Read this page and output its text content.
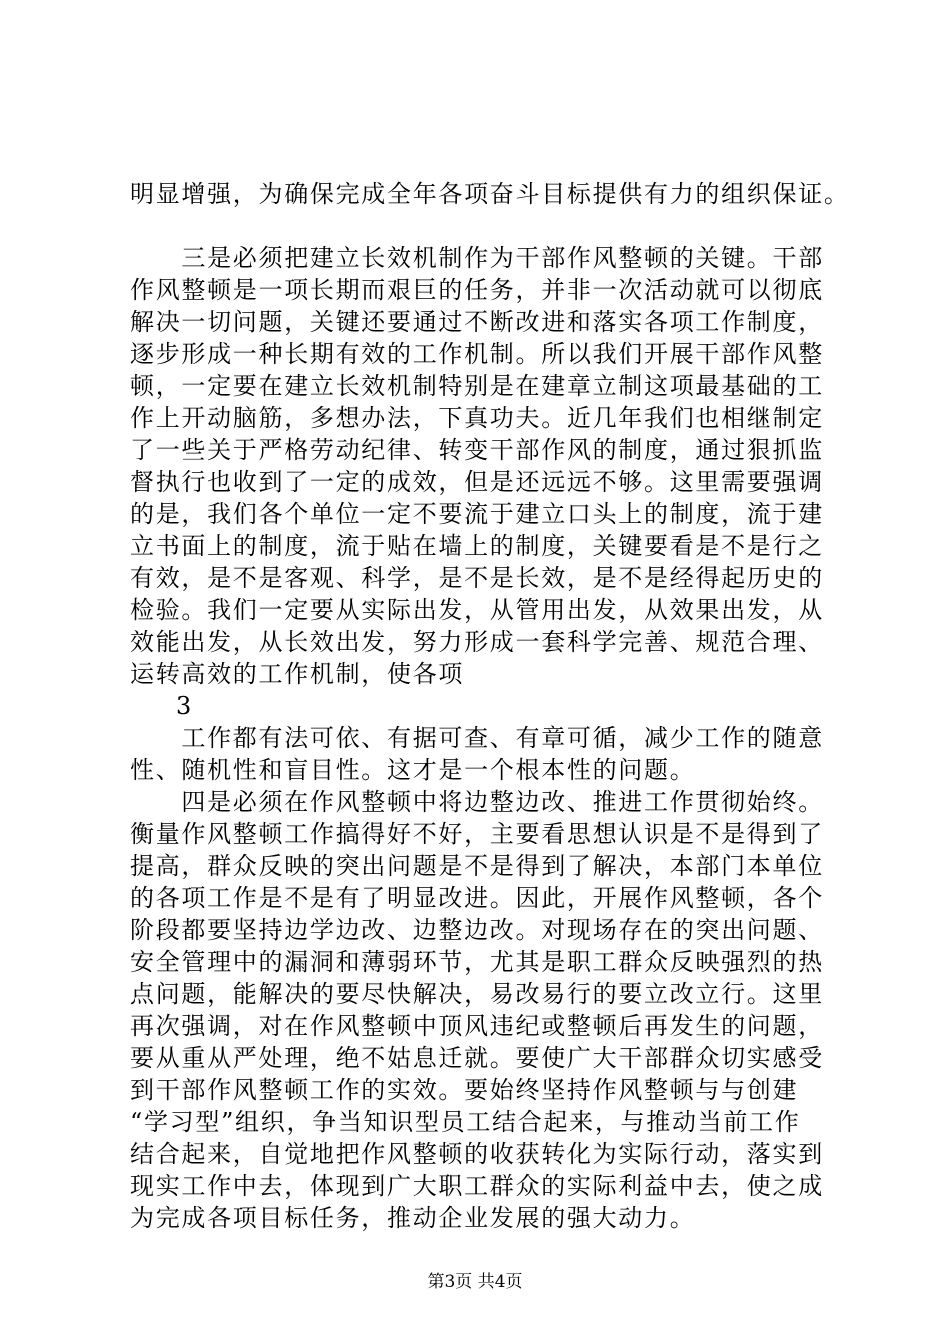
明显增强，为确保完成全年各项奋斗目标提供有力的组织保证。
　　三是必须把建立长效机制作为干部作风整顿的关键。干部
作风整顿是一项长期而艰巨的任务，并非一次活动就可以彻底
解决一切问题，关键还要通过不断改进和落实各项工作制度，
逐步形成一种长期有效的工作机制。所以我们开展干部作风整
顿，一定要在建立长效机制特别是在建章立制这项最基础的工
作上开动脑筋，多想办法，下真功夫。近几年我们也相继制定
了一些关于严格劳动纪律、转变干部作风的制度，通过狠抓监
督执行也收到了一定的成效，但是还远远不够。这里需要强调
的是，我们各个单位一定不要流于建立口头上的制度，流于建
立书面上的制度，流于贴在墙上的制度，关键要看是不是行之
有效，是不是客观、科学，是不是长效，是不是经得起历史的
检验。我们一定要从实际出发，从管用出发，从效果出发，从
效能出发，从长效出发，努力形成一套科学完善、规范合理、
运转高效的工作机制，使各项
3
　　工作都有法可依、有据可查、有章可循，减少工作的随意
性、随机性和盲目性。这才是一个根本性的问题。
　　四是必须在作风整顿中将边整边改、推进工作贯彻始终。
衡量作风整顿工作搞得好不好，主要看思想认识是不是得到了
提高，群众反映的突出问题是不是得到了解决，本部门本单位
的各项工作是不是有了明显改进。因此，开展作风整顿，各个
阶段都要坚持边学边改、边整边改。对现场存在的突出问题、
安全管理中的漏洞和薄弱环节，尤其是职工群众反映强烈的热
点问题，能解决的要尽快解决，易改易行的要立改立行。这里
再次强调，对在作风整顿中顶风违纪或整顿后再发生的问题，
要从重从严处理，绝不姑息迁就。要使广大干部群众切实感受
到干部作风整顿工作的实效。要始终坚持作风整顿与与创建
“学习型”组织，争当知识型员工结合起来，与推动当前工作
结合起来，自觉地把作风整顿的收获转化为实际行动，落实到
现实工作中去，体现到广大职工群众的实际利益中去，使之成
为完成各项目标任务，推动企业发展的强大动力。
第3页 共4页
